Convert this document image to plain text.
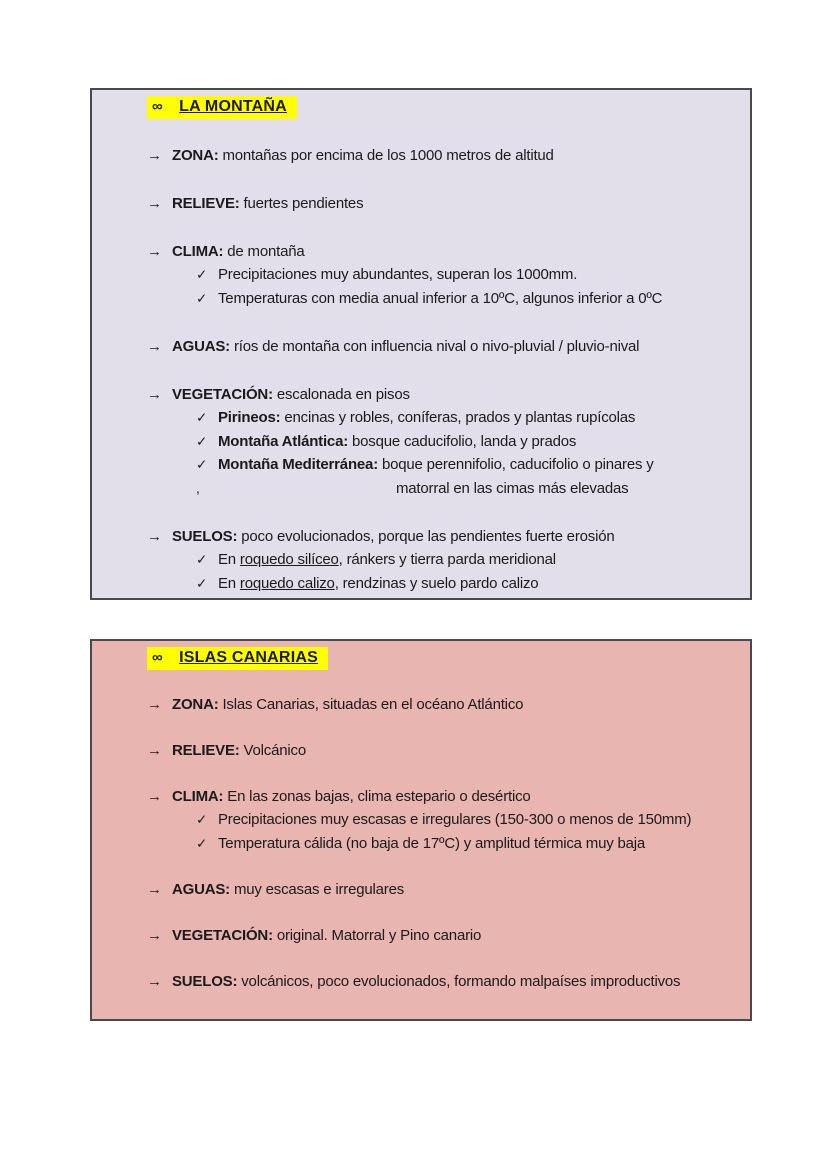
∞ LA MONTAÑA
→ ZONA: montañas por encima de los 1000 metros de altitud
→ RELIEVE: fuertes pendientes
→ CLIMA: de montaña
✓ Precipitaciones muy abundantes, superan los 1000mm.
✓ Temperaturas con media anual inferior a 10ºC, algunos inferior a 0ºC
→ AGUAS: ríos de montaña con influencia nival o nivo-pluvial / pluvio-nival
→ VEGETACIÓN: escalonada en pisos
✓ Pirineos: encinas y robles, coníferas, prados y plantas rupícolas
✓ Montaña Atlántica: bosque caducifolio, landa y prados
✓ Montaña Mediterránea: boque perennifolio, caducifolio o pinares y
,	matorral en las cimas más elevadas
→ SUELOS: poco evolucionados, porque las pendientes fuerte erosión
✓ En roquedo silíceo, ránkers y tierra parda meridional
✓ En roquedo calizo, rendzinas y suelo pardo calizo
∞ ISLAS CANARIAS
→ ZONA: Islas Canarias, situadas en el océano Atlántico
→ RELIEVE: Volcánico
→ CLIMA: En las zonas bajas, clima estepario o desértico
✓ Precipitaciones muy escasas e irregulares (150-300 o menos de 150mm)
✓ Temperatura cálida (no baja de 17ºC) y amplitud térmica muy baja
→ AGUAS: muy escasas e irregulares
→ VEGETACIÓN: original. Matorral y Pino canario
→ SUELOS: volcánicos, poco evolucionados, formando malpaíses improductivos
